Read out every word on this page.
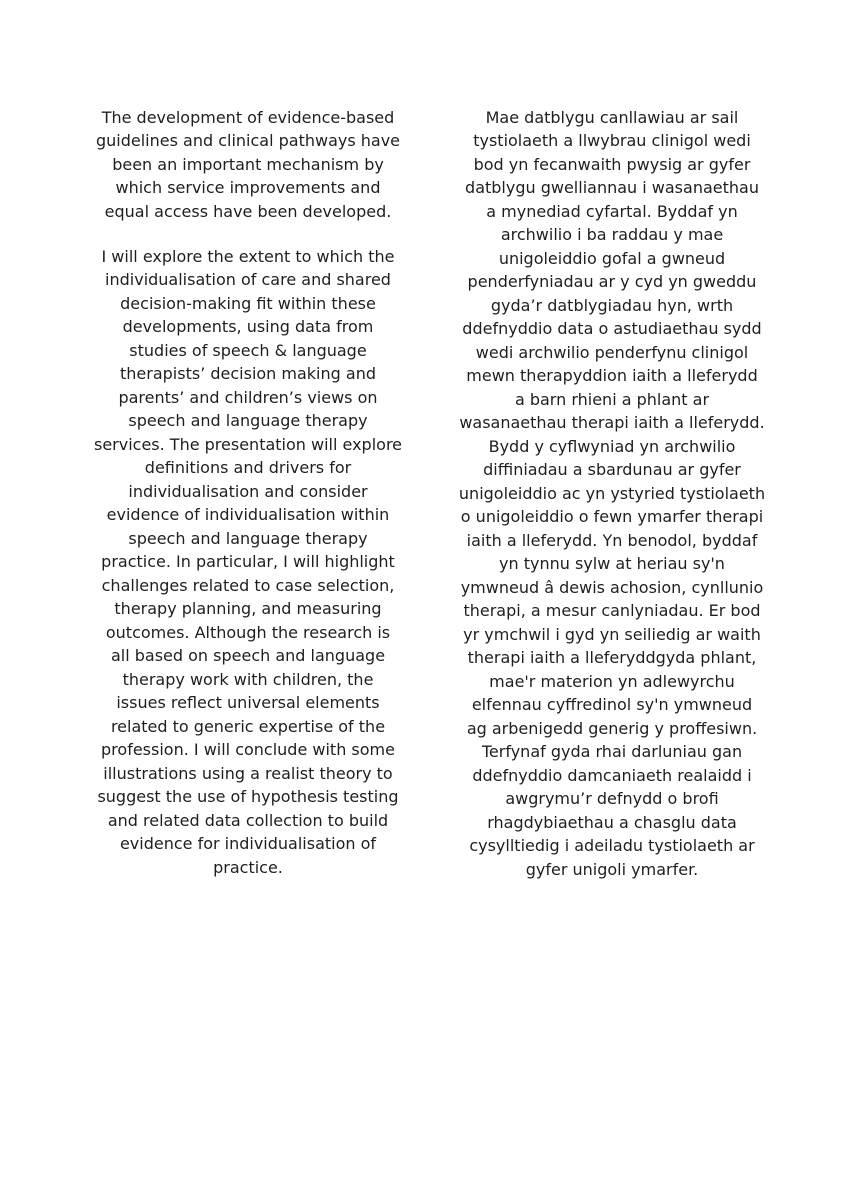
The development of evidence-based
guidelines and clinical pathways have
been an important mechanism by
which service improvements and
equal access have been developed.

I will explore the extent to which the
individualisation of care and shared
decision-making fit within these
developments, using data from
studies of speech & language
therapists’ decision making and
parents’ and children’s views on
speech and language therapy
services. The presentation will explore
definitions and drivers for
individualisation and consider
evidence of individualisation within
speech and language therapy
practice. In particular, I will highlight
challenges related to case selection,
therapy planning, and measuring
outcomes. Although the research is
all based on speech and language
therapy work with children, the
issues reflect universal elements
related to generic expertise of the
profession. I will conclude with some
illustrations using a realist theory to
suggest the use of hypothesis testing
and related data collection to build
evidence for individualisation of
practice.

Mae datblygu canllawiau ar sail
tystiolaeth a llwybrau clinigol wedi
bod yn fecanwaith pwysig ar gyfer
datblygu gwelliannau i wasanaethau
a mynediad cyfartal. Byddaf yn
archwilio i ba raddau y mae
unigoleiddio gofal a gwneud
penderfyniadau ar y cyd yn gweddu
gyda’r datblygiadau hyn, wrth
ddefnyddio data o astudiaethau sydd
wedi archwilio penderfynu clinigol
mewn therapyddion iaith a lleferydd
a barn rhieni a phlant ar
wasanaethau therapi iaith a lleferydd.
Bydd y cyflwyniad yn archwilio
diffiniadau a sbardunau ar gyfer
unigoleiddio ac yn ystyried tystiolaeth
o unigoleiddio o fewn ymarfer therapi
iaith a lleferydd. Yn benodol, byddaf
yn tynnu sylw at heriau sy'n
ymwneud â dewis achosion, cynllunio
therapi, a mesur canlyniadau. Er bod
yr ymchwil i gyd yn seiliedig ar waith
therapi iaith a lleferyddgyda phlant,
mae'r materion yn adlewyrchu
elfennau cyffredinol sy'n ymwneud
ag arbenigedd generig y proffesiwn.
Terfynaf gyda rhai darluniau gan
ddefnyddio damcaniaeth realaidd i
awgrymu’r defnydd o brofi
rhagdybiaethau a chasglu data
cysylltiedig i adeiladu tystiolaeth ar
gyfer unigoli ymarfer.
